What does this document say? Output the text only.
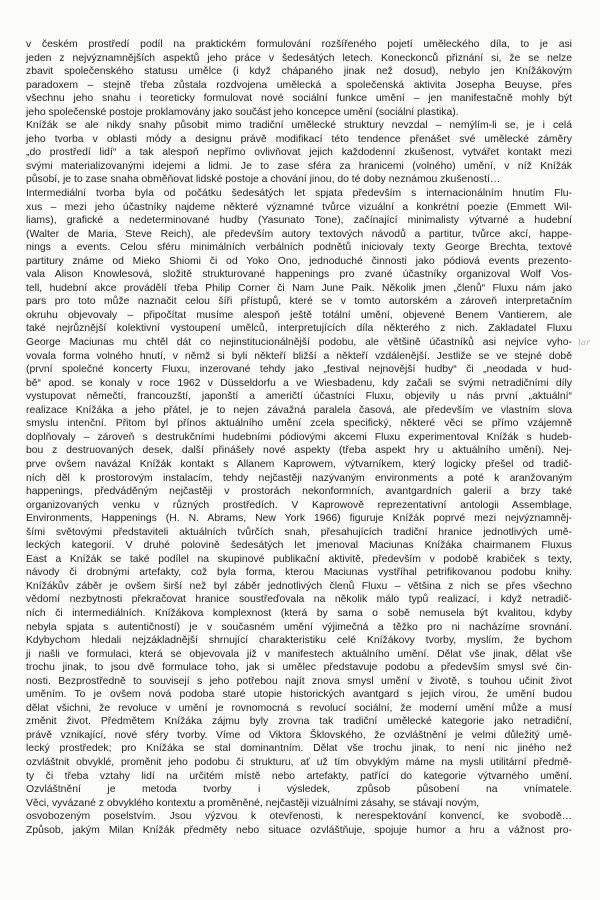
v českém prostředí podíl na praktickém formulování rozšířeného pojetí uměleckého díla, to je asi
jeden z nejvýznamnějších aspektů jeho práce v šedesátých letech. Koneckonců přiznání si, že se nelze
zbavit společenského statusu umělce (i když chápaného jinak než dosud), nebylo jen Knížákovým
paradoxem – stejně třeba zůstala rozdvojena umělecká a společenská aktivita Josepha Beuyse, přes
všechnu jeho snahu i teoreticky formulovat nové sociální funkce umění – jen manifestačně mohly být
jeho společenské postoje proklamovány jako součást jeho koncepce umění (sociální plastika).
Knížák se ale nikdy snahy působit mimo tradiční umělecké struktury nevzdal – nemýlím-li se, je i celá
jeho tvorba v oblasti módy a designu právě modifikací této tendence přenášet své umělecké záměry
„do prostředí lidí“ a tak alespoň nepřímo ovlivňovat jejich každodenní zkušenost, vytvářet kontakt mezi
svými materializovanými idejemi a lidmi. Je to zase sféra za hranicemi (volného) umění, v níž Knížák
působí, je to zase snaha obměňovat lidské postoje a chování jinou, do té doby neznámou zkušeností…
Intermediální tvorba byla od počátku šedesátých let spjata především s internacionálním hnutím Flu-
xus – mezi jeho účastníky najdeme některé významné tvůrce vizuální a konkrétní poezie (Emmett Wil-
liams), grafické a nedeterminované hudby (Yasunato Tone), začínající minimalisty výtvarné a hudební
(Walter de Maria, Steve Reich), ale především autory textových návodů a partitur, tvůrce akcí, happe-
nings a events. Celou sféru minimálních verbálních podnětů iniciovaly texty George Brechta, textové
partitury známe od Mieko Shiomi či od Yoko Ono, jednoduché činnosti jako pódiová events prezento-
vala Alison Knowlesová, složitě strukturované happenings pro zvané účastníky organizoval Wolf Vos-
tell, hudební akce provádělí třeba Philip Corner či Nam June Paik. Několik jmen „členů“ Fluxu nám jako
pars pro toto může naznačit celou šíři přístupů, které se v tomto autorském a zároveň interpretačním
okruhu objevovaly – připočítat musíme alespoň ještě totální umění, objevené Benem Vantierem, ale
také nejrůznější kolektivní vystoupení umělců, interpretujících díla některého z nich. Zakladatel Fluxu
George Maciunas mu chtěl dát co nejinstitucionálnější podobu, ale většině účastníků asi nejvíce vyho-
vovala forma volného hnutí, v němž si byli někteří bližší a někteří vzdálenější. Jestliže se ve stejné době
(první společné koncerty Fluxu, inzerované tehdy jako „festival nejnovější hudby“ či „neodada v hud-
bě“ apod. se konaly v roce 1962 v Düsseldorfu a ve Wiesbadenu, kdy začali se svými netradičními díly
vystupovat němečtí, francouzští, japonští a američtí účastníci Fluxu, objevily u nás první „aktuální“
realizace Knížáka a jeho přátel, je to nejen závažná paralela časová, ale především ve vlastním slova
smyslu intenční. Přitom byl přínos aktuálního umění zcela specifický, některé věci se přímo vzájemně
doplňovaly – zároveň s destrukčními hudebními pódiovými akcemi Fluxu experimentoval Knížák s hudeb-
bou z destruovaných desek, další přinášely nové aspekty (třeba aspekt hry u aktuálního umění). Nej-
prve ovšem navázal Knížák kontakt s Allanem Kaprowem, výtvarníkem, který logicky přešel od tradič-
ních děl k prostorovým instalacím, tehdy nejčastěji nazývaným environments a poté k aranžovaným
happenings, předváděným nejčastěji v prostorách nekonformních, avantgardních galerií a brzy také
organizovaných venku v různých prostředích. V Kaprowově reprezentativní antologii Assemblage,
Environments, Happenings (H. N. Abrams, New York 1966) figuruje Knížák poprvé mezi nejvýznamněj-
šími světovými představiteli aktuálních tvůrčích snah, přesahujících tradiční hranice jednotlivých umě-
leckých kategorií. V druhé polovině šedesátých let jmenoval Maciunas Knížáka chairmanem Fluxus
East a Knížák se také podílel na skupinové publikační aktivitě, především v podobě krabiček s texty,
návody či drobnými artefakty, což byla forma, kterou Maciunas vystříhal petrifikovanou podobu knihy.
Knížákův záběr je ovšem širší než byl záběr jednotlivých členů Fluxu – většina z nich se přes všechno
vědomí nezbytnosti překračovat hranice soustřeďovala na několik málo typů realizací, i když netradič-
ních či intermediálních. Knížákova komplexnost (která by sama o sobě nemusela být kvalitou, kdyby
nebyla spjata s autentičností) je v současném umění výjimečná a těžko pro ni nacházíme srovnání.
Kdybychom hledali nejzákladnější shrnující charakteristiku celé Knížákovy tvorby, myslím, že bychom
ji našli ve formulaci, která se objevovala již v manifestech aktuálního umění. Dělat vše jinak, dělat vše
trochu jinak, to jsou dvě formulace toho, jak si umělec představuje podobu a především smysl své čin-
nosti. Bezprostředně to souvisejí s jeho potřebou najít znova smysl umění v životě, s touhou učinit život
uměním. To je ovšem nová podoba staré utopie historických avantgard s jejich vírou, že umění budou
dělat všichni, že revoluce v umění je rovnomocná s revolucí sociální, že moderní umění může a musí
změnit život. Předmětem Knížáka zájmu byly zrovna tak tradiční umělecké kategorie jako netradiční,
právě vznikající, nové sféry tvorby. Víme od Viktora Šklovského, že ozvláštnění je velmi důležitý umě-
lecký prostředek; pro Knížáka se stal dominantním. Dělat vše trochu jinak, to není nic jiného než
ozvláštnit obvyklé, proměnit jeho podobu či strukturu, ať už tím obvyklým máme na mysli utilitární předmě-
ty či třeba vztahy lidí na určitém místě nebo artefakty, patřící do kategorie výtvarného umění.
Ozvláštnění je metoda tvorby i výsledek, způsob působení na vnímatele.
Věci, vyvázané z obvyklého kontextu a proměněné, nejčastěji vizuálními zásahy, se stávají novým,
osvobozeným poselstvím. Jsou výzvou k otevřenosti, k nerespektování konvencí, ke svobodě…
Způsob, jakým Milan Knížák předměty nebo situace ozvláštňuje, spojuje humor a hru a vážnost pro-
lar
